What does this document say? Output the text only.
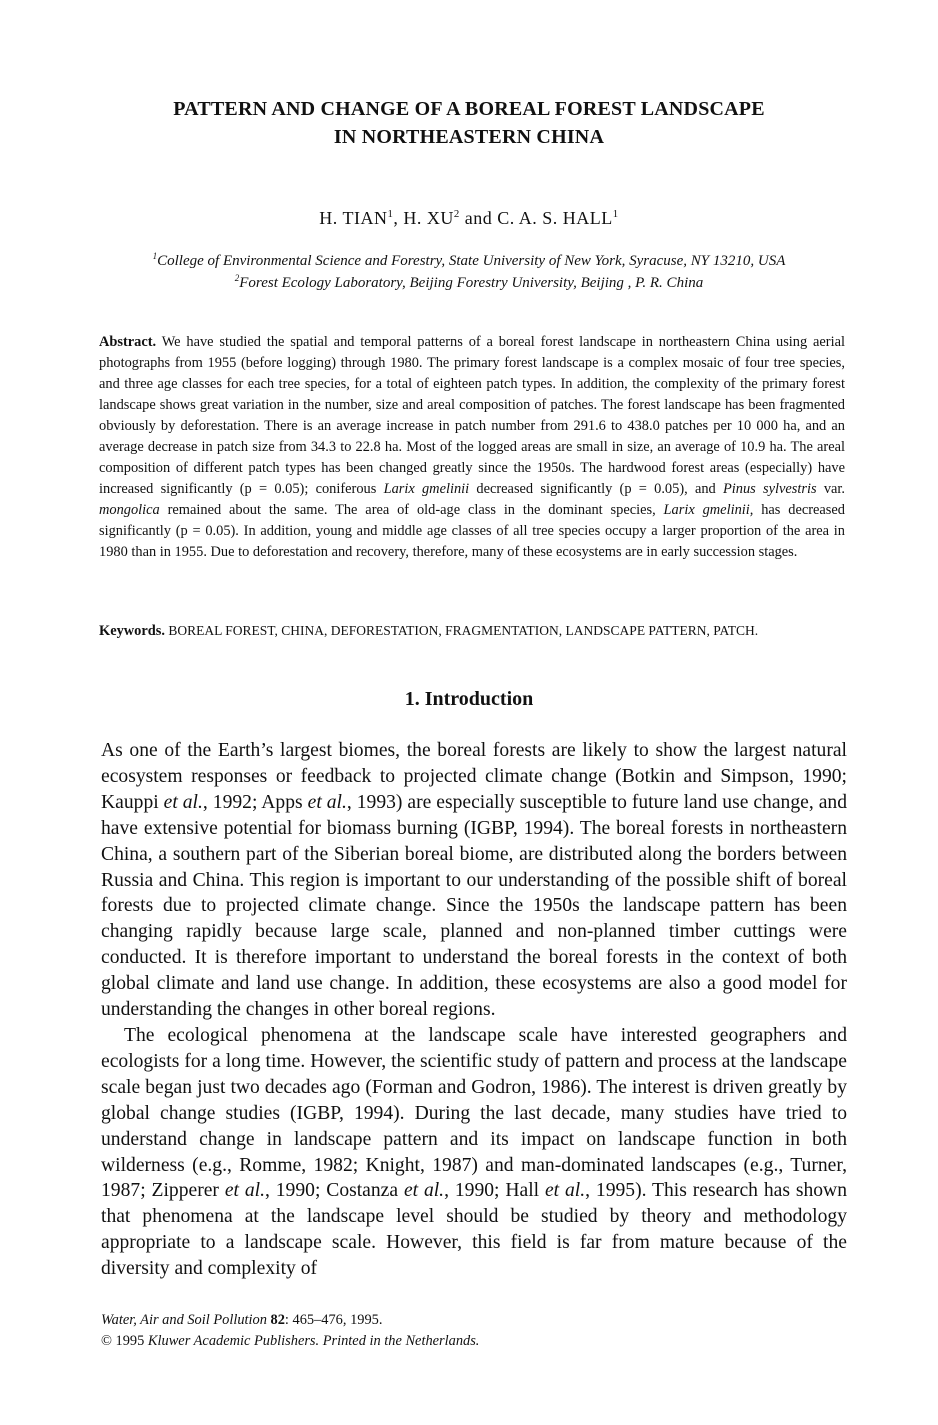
PATTERN AND CHANGE OF A BOREAL FOREST LANDSCAPE
IN NORTHEASTERN CHINA
H. TIAN$^1$, H. $XU^2$ and C. A. S. HALL$^1$
$^1$College of Environmental Science and Forestry, State University of New York, Syracuse, NY 13210, USA
$^2$Forest Ecology Laboratory, Beijing Forestry University, Beijing , P. R. China
Abstract. We have studied the spatial and temporal patterns of a boreal forest landscape in northeastern China using aerial photographs from 1955 (before logging) through 1980. The primary forest landscape is a complex mosaic of four tree species, and three age classes for each tree species, for a total of eighteen patch types. In addition, the complexity of the primary forest landscape shows great variation in the number, size and areal composition of patches. The forest landscape has been fragmented obviously by deforestation. There is an average increase in patch number from 291.6 to 438.0 patches per 10 000 ha, and an average decrease in patch size from 34.3 to 22.8 ha. Most of the logged areas are small in size, an average of 10.9 ha. The areal composition of different patch types has been changed greatly since the 1950s. The hardwood forest areas (especially) have increased significantly (p = 0.05); coniferous Larix gmelinii decreased significantly (p = 0.05), and Pinus sylvestris var. mongolica remained about the same. The area of old-age class in the dominant species, Larix gmelinii, has decreased significantly (p = 0.05). In addition, young and middle age classes of all tree species occupy a larger proportion of the area in 1980 than in 1955. Due to deforestation and recovery, therefore, many of these ecosystems are in early succession stages.
Keywords. BOREAL FOREST, CHINA, DEFORESTATION, FRAGMENTATION, LANDSCAPE PATTERN, PATCH.
1. Introduction

As one of the Earth’s largest biomes, the boreal forests are likely to show the largest natural ecosystem responses or feedback to projected climate change (Botkin and Simpson, 1990; Kauppi et al., 1992; Apps et al., 1993) are especially susceptible to future land use change, and have extensive potential for biomass burning (IGBP, 1994). The boreal forests in northeastern China, a southern part of the Siberian boreal biome, are distributed along the borders between Russia and China. This region is important to our understanding of the possible shift of boreal forests due to projected climate change. Since the 1950s the landscape pattern has been changing rapidly because large scale, planned and non-planned timber cuttings were conducted. It is therefore important to understand the boreal forests in the context of both global climate and land use change. In addition, these ecosystems are also a good model for understanding the changes in other boreal regions.

The ecological phenomena at the landscape scale have interested geographers and ecologists for a long time. However, the scientific study of pattern and process at the landscape scale began just two decades ago (Forman and Godron, 1986). The interest is driven greatly by global change studies (IGBP, 1994). During the last decade, many studies have tried to understand change in landscape pattern and its impact on landscape function in both wilderness (e.g., Romme, 1982; Knight, 1987) and man-dominated landscapes (e.g., Turner, 1987; Zipperer et al., 1990; Costanza et al., 1990; Hall et al., 1995). This research has shown that phenomena at the landscape level should be studied by theory and methodology appropriate to a landscape scale. However, this field is far from mature because of the diversity and complexity of

Water, Air and Soil Pollution 82: 465–476, 1995.
© 1995 Kluwer Academic Publishers. Printed in the Netherlands.
